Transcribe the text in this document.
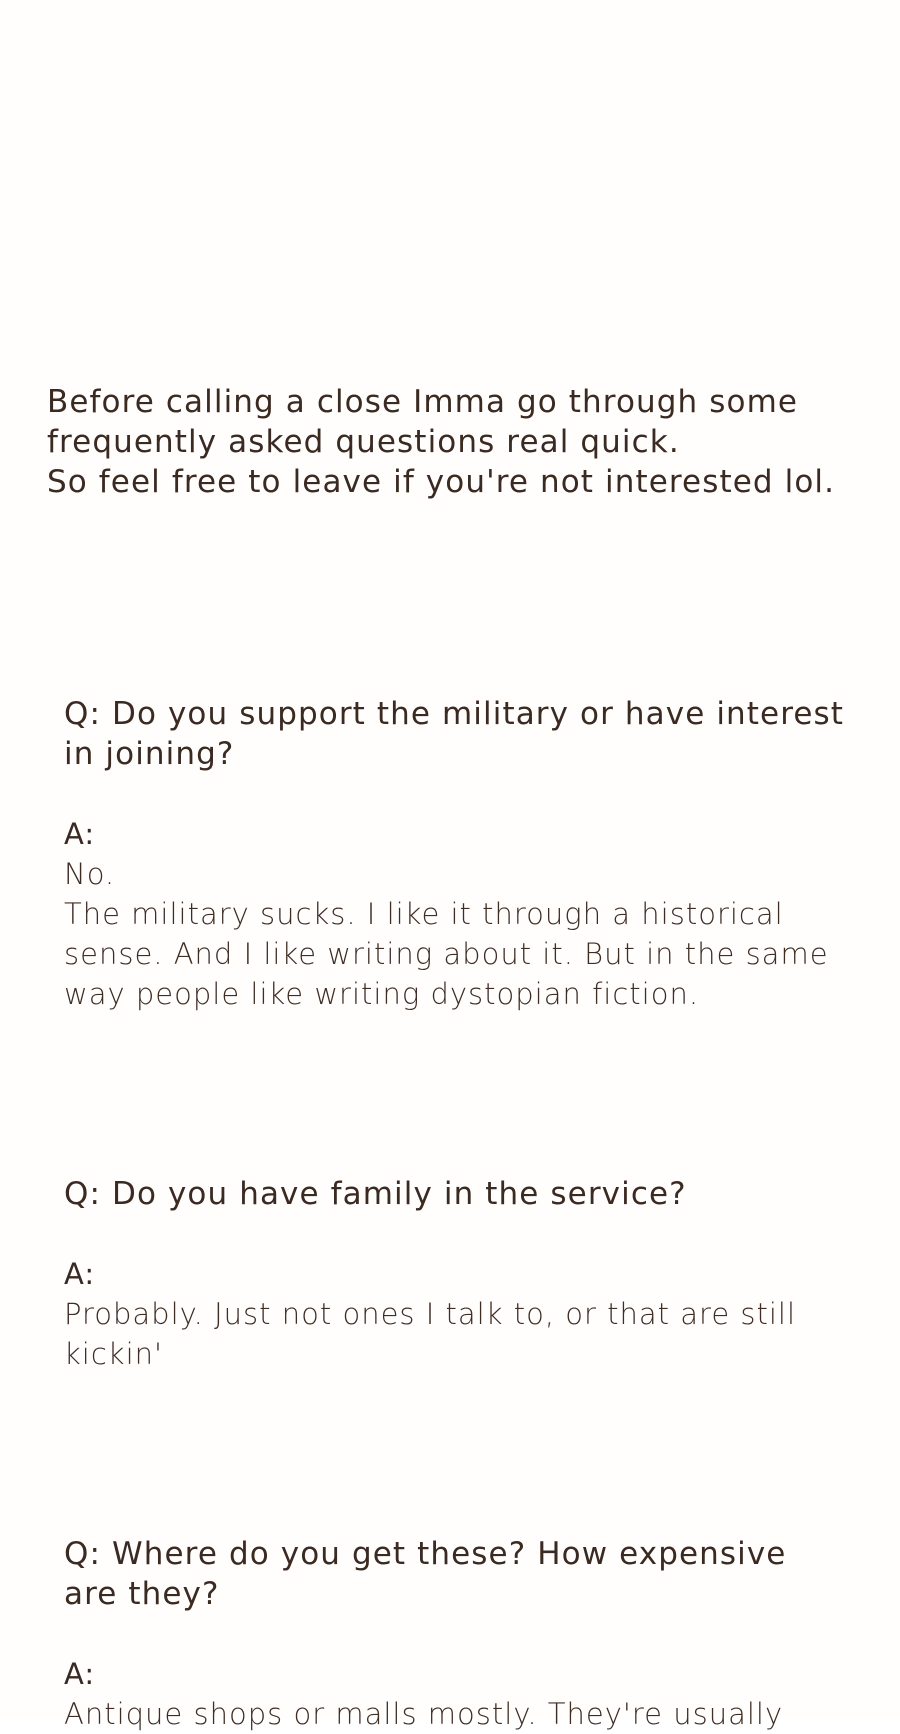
Before calling a close Imma go through some
frequently asked questions real quick.
So feel free to leave if you're not interested lol.
Q: Do you support the military or have interest
in joining?
A:
No.
The military sucks. I like it through a historical
sense. And I like writing about it. But in the same
way people like writing dystopian fiction.
Q: Do you have family in the service?
A:
Probably. Just not ones I talk to, or that are still
kickin'
Q: Where do you get these? How expensive
are they?
A:
Antique shops or malls mostly. They're usually
